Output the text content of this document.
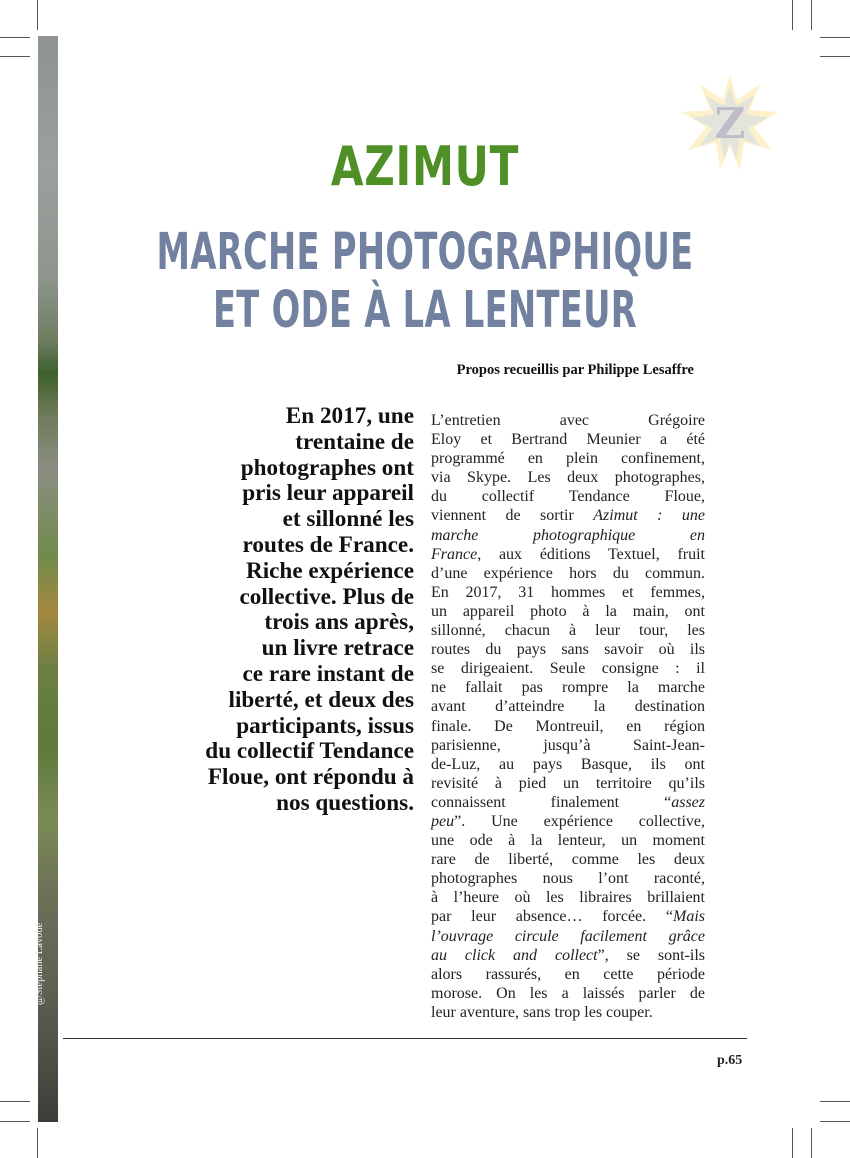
@Stéphane Lavoué
Z
AZIMUT
MARCHE PHOTOGRAPHIQUE
ET ODE À LA LENTEUR
Propos recueillis par Philippe Lesaffre
En 2017, une
trentaine de
photographes ont
pris leur appareil
et sillonné les
routes de France.
Riche expérience
collective. Plus de
trois ans après,
un livre retrace
ce rare instant de
liberté, et deux des
participants, issus
du collectif Tendance
Floue, ont répondu à
nos questions.
L’entretien avec Grégoire
Eloy et Bertrand Meunier a été
programmé en plein confinement,
via Skype. Les deux photographes,
du collectif Tendance Floue,
viennent de sortir Azimut : une
marche photographique en
France, aux éditions Textuel, fruit
d’une expérience hors du commun.
En 2017, 31 hommes et femmes,
un appareil photo à la main, ont
sillonné, chacun à leur tour, les
routes du pays sans savoir où ils
se dirigeaient. Seule consigne : il
ne fallait pas rompre la marche
avant d’atteindre la destination
finale. De Montreuil, en région
parisienne, jusqu’à Saint-Jean-
de-Luz, au pays Basque, ils ont
revisité à pied un territoire qu’ils
connaissent finalement “assez
peu”. Une expérience collective,
une ode à la lenteur, un moment
rare de liberté, comme les deux
photographes nous l’ont raconté,
à l’heure où les libraires brillaient
par leur absence… forcée. “Mais
l’ouvrage circule facilement grâce
au click and collect”, se sont-ils
alors rassurés, en cette période
morose. On les a laissés parler de
leur aventure, sans trop les couper.
p.65
